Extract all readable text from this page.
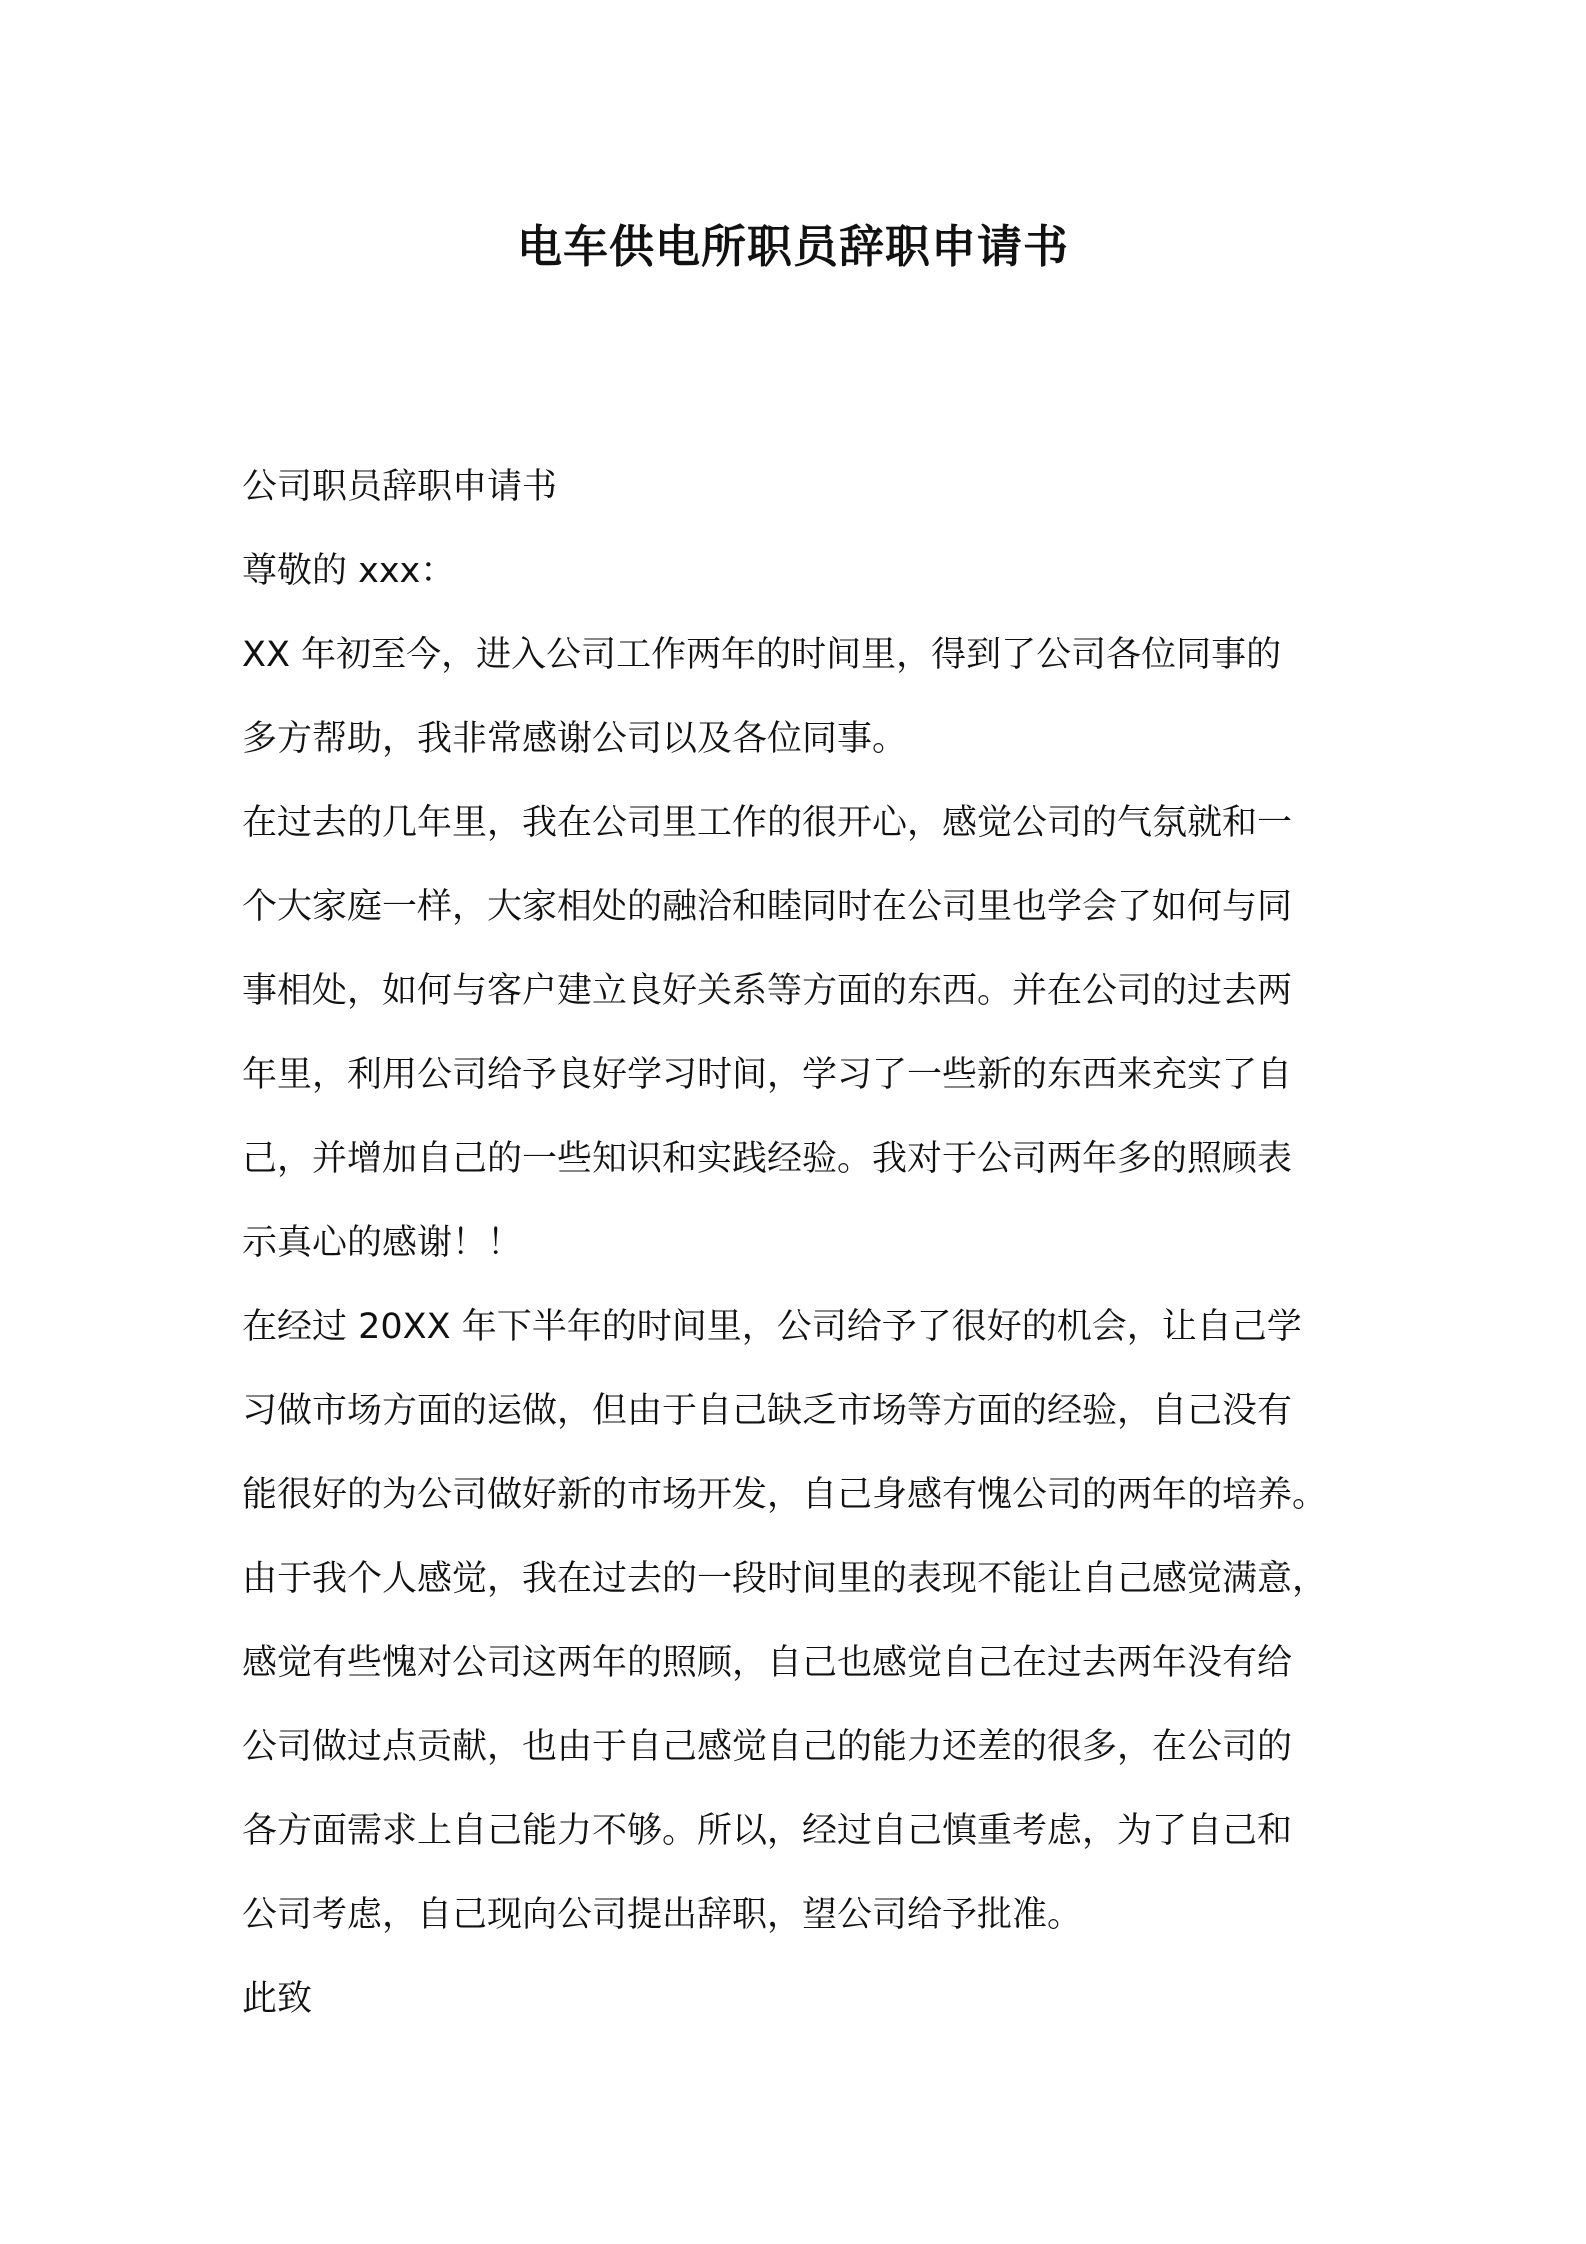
电车供电所职员辞职申请书

公司职员辞职申请书

尊敬的 xxx：

XX 年初至今，进入公司工作两年的时间里，得到了公司各位同事的

多方帮助，我非常感谢公司以及各位同事。

在过去的几年里，我在公司里工作的很开心，感觉公司的气氛就和一

个大家庭一样，大家相处的融洽和睦同时在公司里也学会了如何与同

事相处，如何与客户建立良好关系等方面的东西。并在公司的过去两

年里，利用公司给予良好学习时间，学习了一些新的东西来充实了自

己，并增加自己的一些知识和实践经验。我对于公司两年多的照顾表

示真心的感谢！！

在经过 20XX 年下半年的时间里，公司给予了很好的机会，让自己学

习做市场方面的运做，但由于自己缺乏市场等方面的经验，自己没有

能很好的为公司做好新的市场开发，自己身感有愧公司的两年的培养。

由于我个人感觉，我在过去的一段时间里的表现不能让自己感觉满意，

感觉有些愧对公司这两年的照顾，自己也感觉自己在过去两年没有给

公司做过点贡献，也由于自己感觉自己的能力还差的很多，在公司的

各方面需求上自己能力不够。所以，经过自己慎重考虑，为了自己和

公司考虑，自己现向公司提出辞职，望公司给予批准。

此致
